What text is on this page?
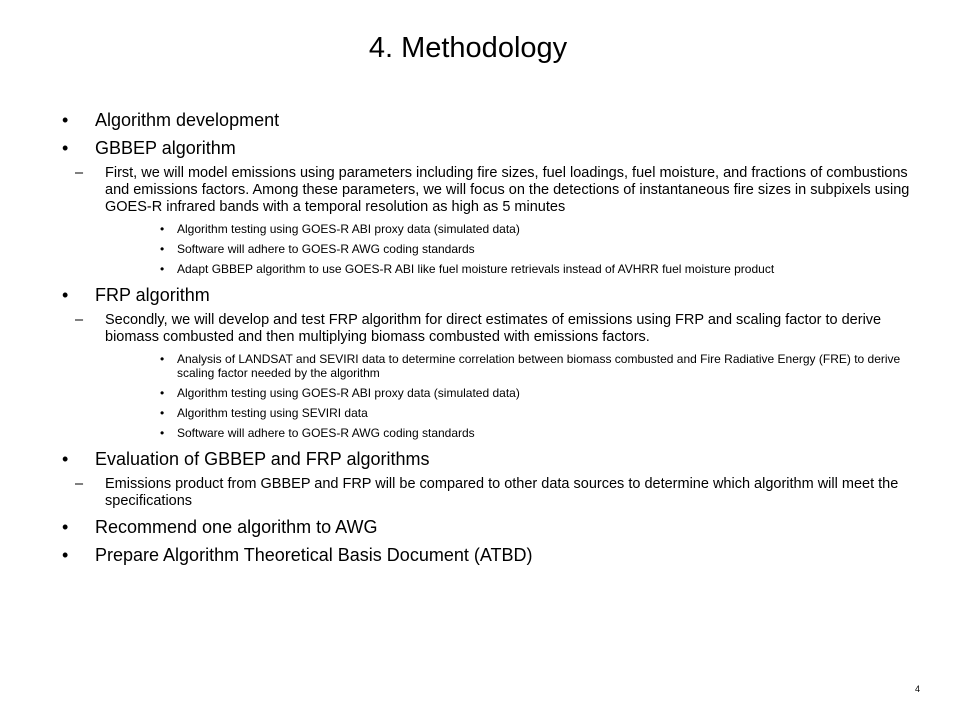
4. Methodology
• Algorithm development
• GBBEP algorithm
– First, we will model emissions using parameters including fire sizes, fuel loadings, fuel moisture, and fractions of combustions and emissions factors. Among these parameters, we will focus on the detections of instantaneous fire sizes in subpixels using GOES-R infrared bands with a temporal resolution as high as 5 minutes
• Algorithm testing using GOES-R ABI proxy data (simulated data)
• Software will adhere to GOES-R AWG coding standards
• Adapt GBBEP algorithm to use GOES-R ABI like fuel moisture retrievals instead of AVHRR fuel moisture product
• FRP algorithm
– Secondly, we will develop and test FRP algorithm for direct estimates of emissions using FRP and scaling factor to derive biomass combusted and then multiplying biomass combusted with emissions factors.
• Analysis of LANDSAT and SEVIRI data to determine correlation between biomass combusted and Fire Radiative Energy (FRE) to derive scaling factor needed by the algorithm
• Algorithm testing using GOES-R ABI proxy data (simulated data)
• Algorithm testing using SEVIRI data
• Software will adhere to GOES-R AWG coding standards
• Evaluation of GBBEP and FRP algorithms
– Emissions product from GBBEP and FRP will be compared to other data sources to determine which algorithm will meet the specifications
• Recommend one algorithm to AWG
• Prepare Algorithm Theoretical Basis Document (ATBD)
4
